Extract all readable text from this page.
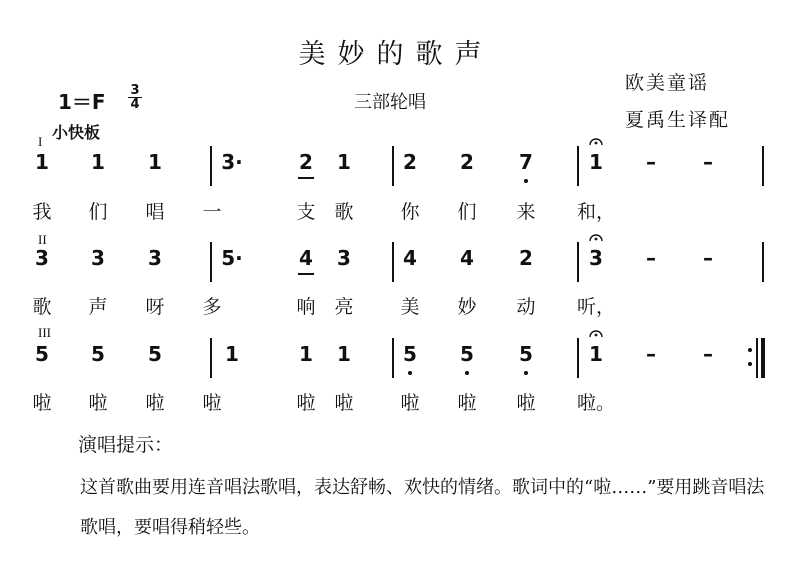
美妙的歌声
1＝F 3
4	三部轮唱
欧美童谣
夏禹生译配
小快板
I
1 1 1	3·	2 1	2 2 7	1 – –
我 们 唱 一	支 歌 你 们 来 和，
II
3 3 3	5·	4 3	4 4 2	3 – –
歌 声 呀 多	响 亮 美 妙 动 听，
III
5 5 5	1	1 1	5 5 5	1 – –
啦 啦 啦 啦	啦 啦 啦 啦 啦 啦。
演唱提示：
这首歌曲要用连音唱法歌唱，表达舒畅、欢快的情绪。歌词中的“啦……”要用跳音唱法歌唱，要唱得稍轻些。
